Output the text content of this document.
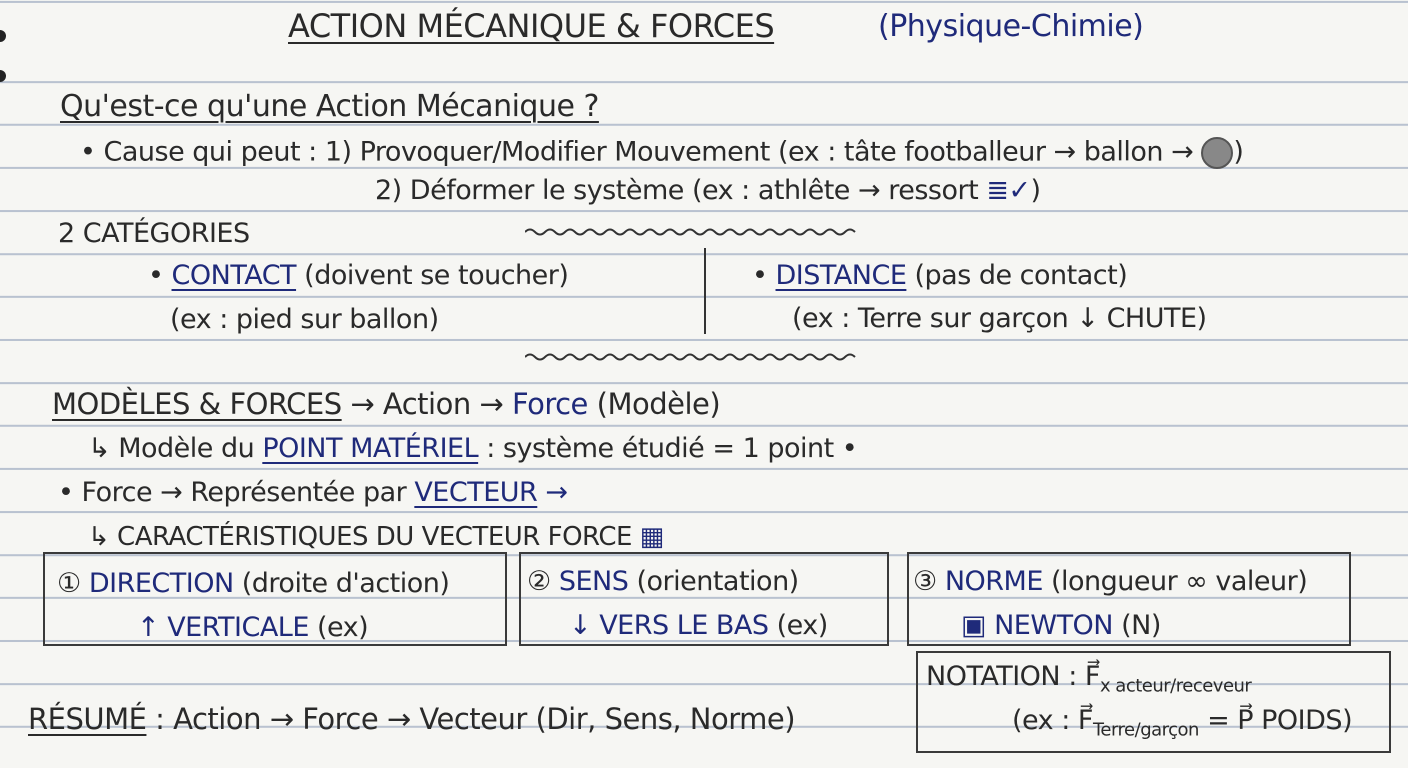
ACTION MÉCANIQUE & FORCES	(Physique-Chimie)
Qu'est-ce qu'une Action Mécanique ?
• Cause qui peut : 1) Provoquer/Modifier Mouvement (ex : tâte footballeur → ballon → )
2) Déformer le système (ex : athlête → ressort ≣✓)
2 CATÉGORIES
• CONTACT (doivent se toucher)
(ex : pied sur ballon)
• DISTANCE (pas de contact)
(ex : Terre sur garçon ↓ CHUTE)
MODÈLES & FORCES → Action → Force (Modèle)
↳ Modèle du POINT MATÉRIEL : système étudié = 1 point •
• Force → Représentée par VECTEUR →
↳ CARACTÉRISTIQUES DU VECTEUR FORCE ▦
① DIRECTION (droite d'action)
↑ VERTICALE (ex)
② SENS (orientation)
↓ VERS LE BAS (ex)
③ NORME (longueur ∞ valeur)
▣ NEWTON (N)
NOTATION : $F⃗_{x acteur/receveur}$
(ex : $F⃗_{Terre/garçon}$ = P⃗ POIDS)
RÉSUMÉ : Action → Force → Vecteur (Dir, Sens, Norme)
